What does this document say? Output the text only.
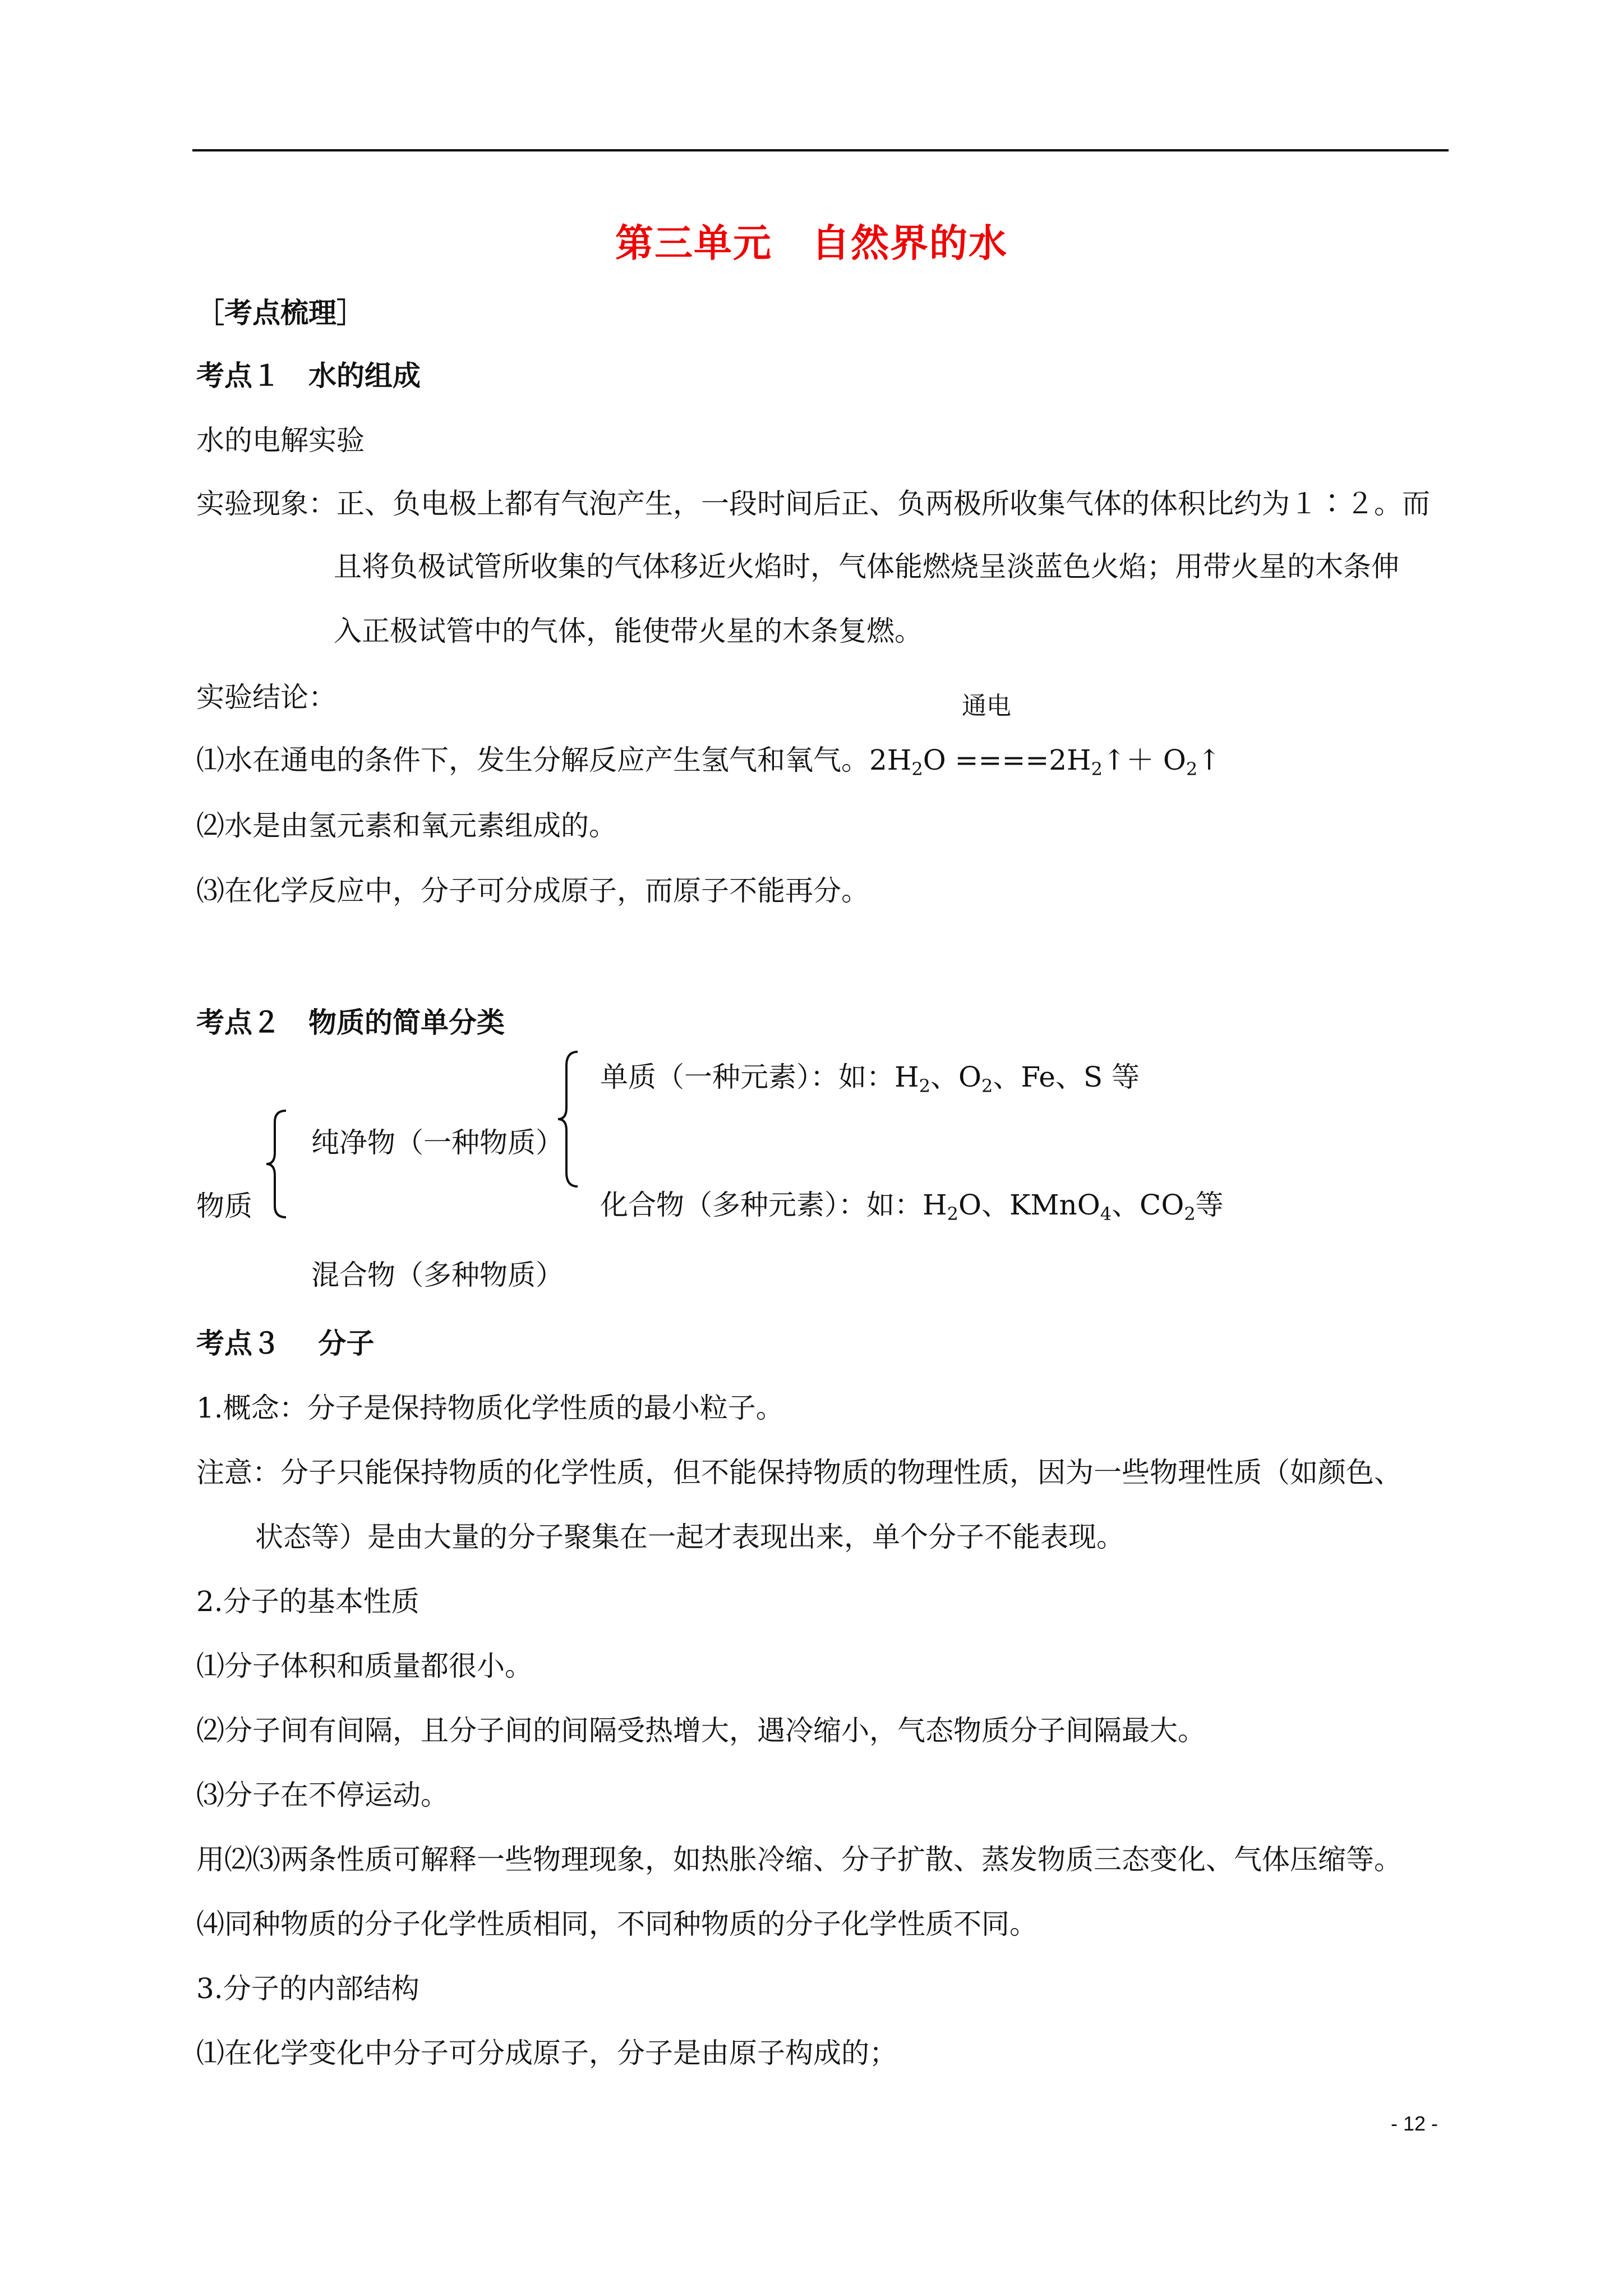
第三单元　自然界的水
［考点梳理］
考点１　水的组成
水的电解实验
实验现象：正、负电极上都有气泡产生，一段时间后正、负两极所收集气体的体积比约为１∶２。而
且将负极试管所收集的气体移近火焰时，气体能燃烧呈淡蓝色火焰；用带火星的木条伸
入正极试管中的气体，能使带火星的木条复燃。
实验结论：	通电
⑴水在通电的条件下，发生分解反应产生氢气和氧气。$2H_2O$ $====2H_2↑+$ $O_2↑$
⑵水是由氢元素和氧元素组成的。
⑶在化学反应中，分子可分成原子，而原子不能再分。
考点２　物质的简单分类
单质（一种元素）：如：$H_2$、$O_2$、Fe、S 等
纯净物（一种物质）
物质	化合物（多种元素）：如：$H_2O$、KMnO$_4$、$CO_2$等
混合物（多种物质）
考点３　 分子
1.概念：分子是保持物质化学性质的最小粒子。
注意：分子只能保持物质的化学性质，但不能保持物质的物理性质，因为一些物理性质（如颜色、
状态等）是由大量的分子聚集在一起才表现出来，单个分子不能表现。
2.分子的基本性质
⑴分子体积和质量都很小。
⑵分子间有间隔，且分子间的间隔受热增大，遇冷缩小，气态物质分子间隔最大。
⑶分子在不停运动。
用⑵⑶两条性质可解释一些物理现象，如热胀冷缩、分子扩散、蒸发物质三态变化、气体压缩等。
⑷同种物质的分子化学性质相同，不同种物质的分子化学性质不同。
3.分子的内部结构
⑴在化学变化中分子可分成原子，分子是由原子构成的；
- 12 -
